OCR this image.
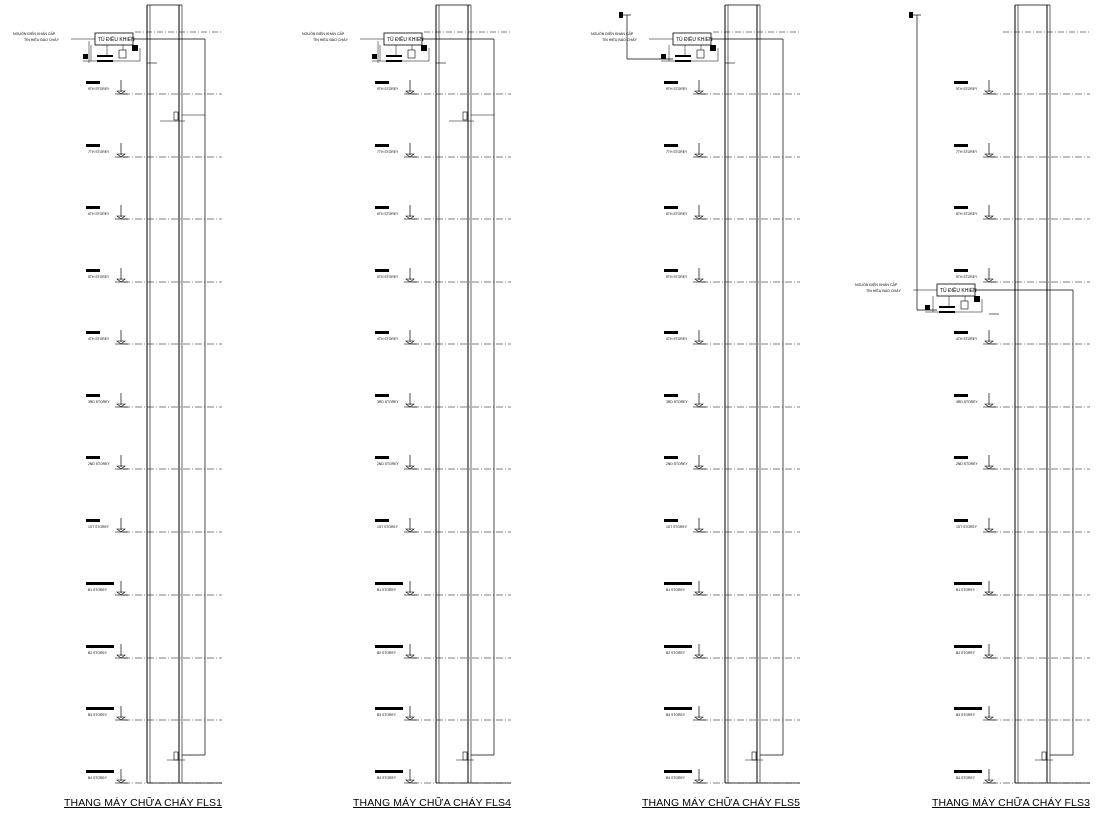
9TH STOREY
7TH STOREY
6TH STOREY
5TH STOREY
4TH STOREY
3RD STOREY
2ND STOREY
1ST STOREY
B1 STOREY
B2 STOREY
B3 STOREY
B4 STOREY
TỦ ĐIỀU KHIỂN
NGUỒN ĐIỆN KHẨN CẤP
TÍN HIỆU BÁO CHÁY
9TH STOREY
7TH STOREY
6TH STOREY
5TH STOREY
4TH STOREY
3RD STOREY
2ND STOREY
1ST STOREY
B1 STOREY
B2 STOREY
B3 STOREY
B4 STOREY
TỦ ĐIỀU KHIỂN
NGUỒN ĐIỆN KHẨN CẤP
TÍN HIỆU BÁO CHÁY
9TH STOREY
7TH STOREY
6TH STOREY
5TH STOREY
4TH STOREY
3RD STOREY
2ND STOREY
1ST STOREY
B1 STOREY
B2 STOREY
B3 STOREY
B4 STOREY
TỦ ĐIỀU KHIỂN
NGUỒN ĐIỆN KHẨN CẤP
TÍN HIỆU BÁO CHÁY
9TH STOREY
7TH STOREY
6TH STOREY
5TH STOREY
4TH STOREY
3RD STOREY
2ND STOREY
1ST STOREY
B1 STOREY
B2 STOREY
B3 STOREY
B4 STOREY
TỦ ĐIỀU KHIỂN
NGUỒN ĐIỆN KHẨN CẤP
TÍN HIỆU BÁO CHÁY
THANG MÁY CHỮA CHÁY FLS1	THANG MÁY CHỮA CHÁY FLS4	THANG MÁY CHỮA CHÁY FLS5	THANG MÁY CHỮA CHÁY FLS3
